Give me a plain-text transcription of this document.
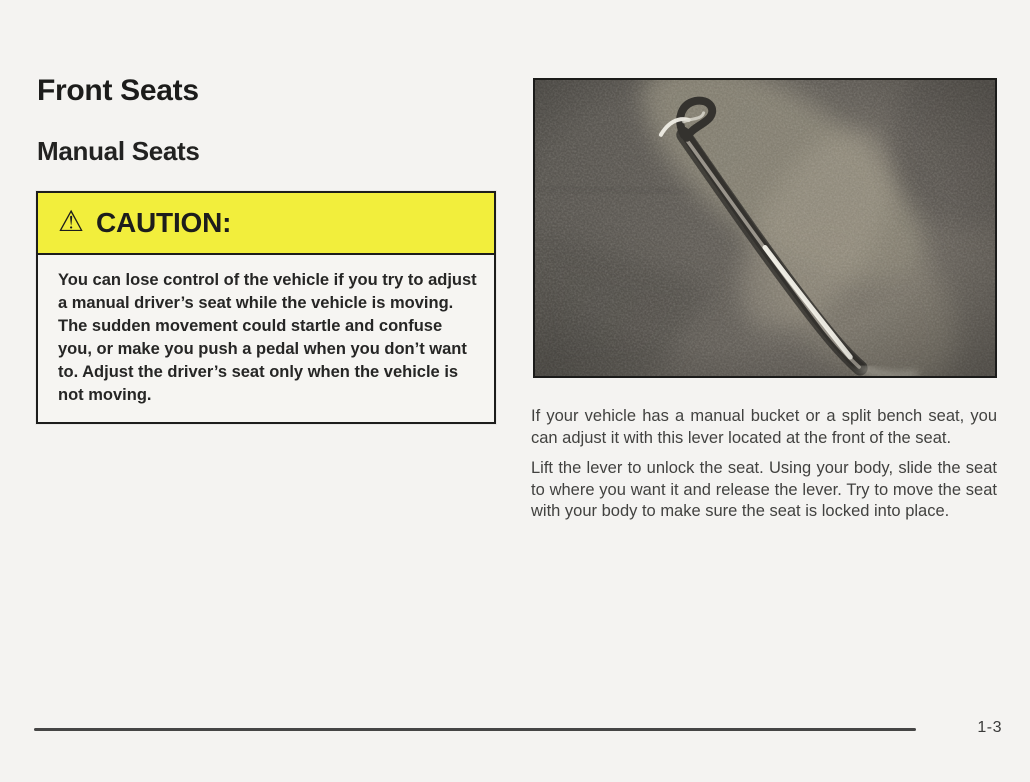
Front Seats
Manual Seats
⚠ CAUTION:

You can lose control of the vehicle if you try to adjust a manual driver’s seat while the vehicle is moving. The sudden movement could startle and confuse you, or make you push a pedal when you don’t want to. Adjust the driver’s seat only when the vehicle is not moving.

If your vehicle has a manual bucket or a split bench seat, you can adjust it with this lever located at the front of the seat.

Lift the lever to unlock the seat. Using your body, slide the seat to where you want it and release the lever. Try to move the seat with your body to make sure the seat is locked into place.

1-3
